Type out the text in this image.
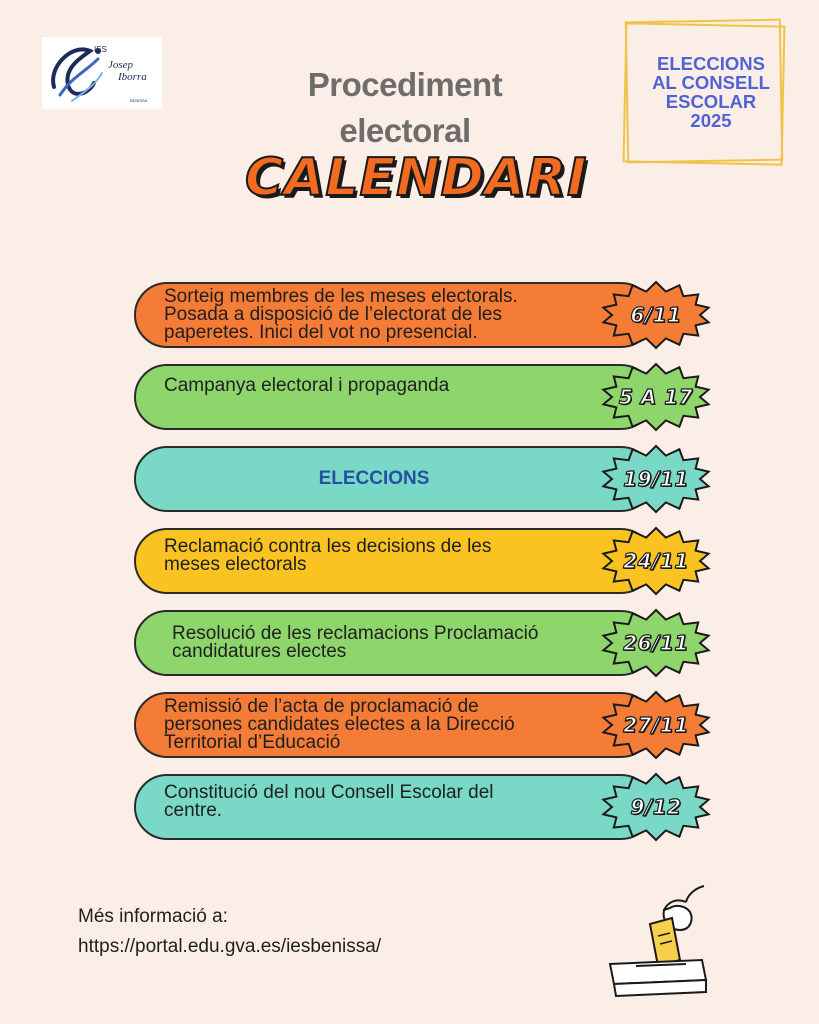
IES
Josep
Iborra
BENISSA	Procediment
electoral
CALENDARI
ELECCIONS
AL CONSELL
ESCOLAR
2025
Sorteig membres de les meses electorals. Posada a disposició de l’electorat de les paperetes. Inici del vot no presencial.
Campanya electoral i propaganda
ELECCIONS
Reclamació contra les decisions de les meses electorals
Resolució de les reclamacions Proclamació candidatures electes
Remissió de l’acta de proclamació de persones candidates electes a la Direcció Territorial d’Educació
Constitució del nou Consell Escolar del centre.
6/11
5 A 17
19/11
24/11
26/11
27/11
9/12
Més informació a:
https://portal.edu.gva.es/iesbenissa/
